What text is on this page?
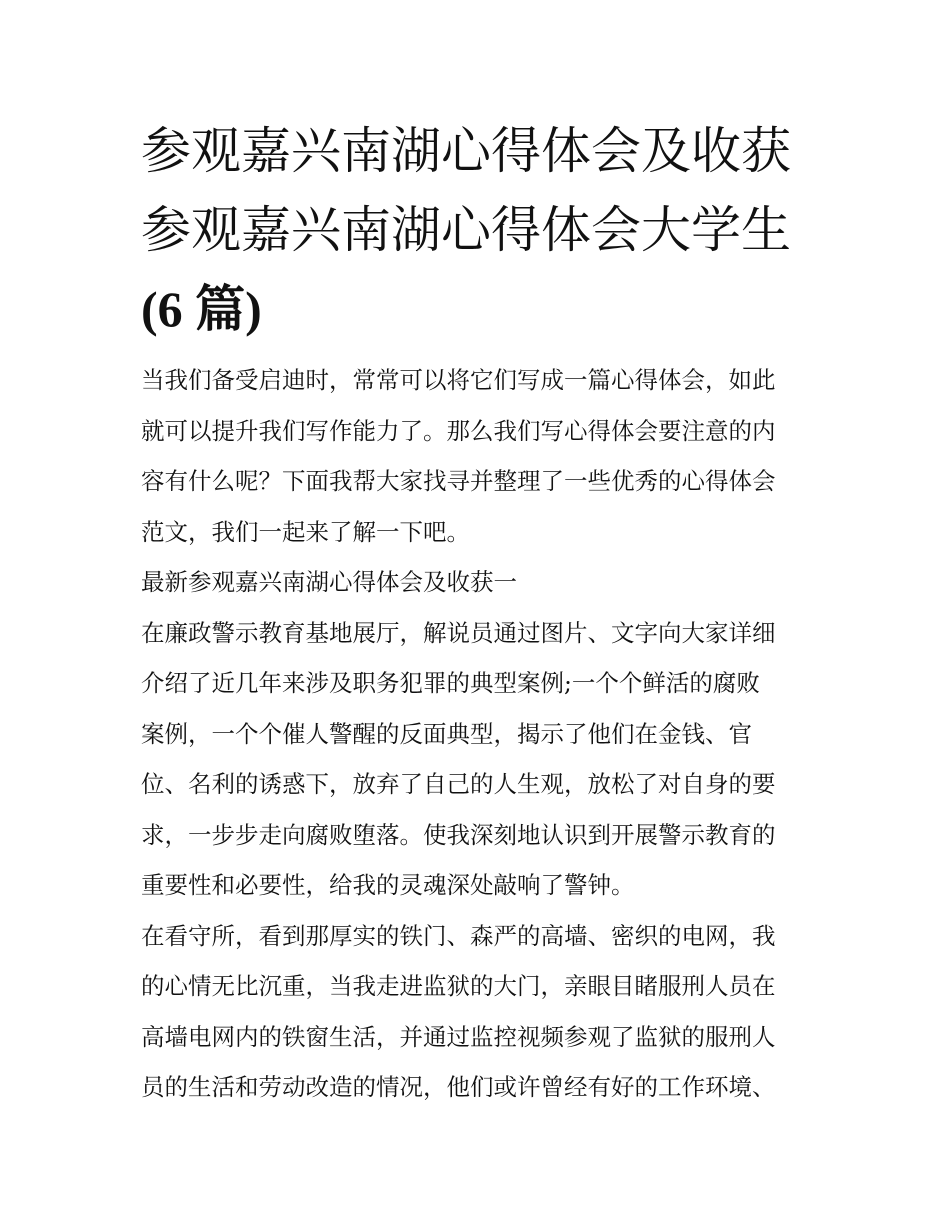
参观嘉兴南湖心得体会及收获
参观嘉兴南湖心得体会大学生
(6 篇)
当我们备受启迪时，常常可以将它们写成一篇心得体会，如此
就可以提升我们写作能力了。那么我们写心得体会要注意的内
容有什么呢？下面我帮大家找寻并整理了一些优秀的心得体会
范文，我们一起来了解一下吧。
最新参观嘉兴南湖心得体会及收获一
在廉政警示教育基地展厅，解说员通过图片、文字向大家详细
介绍了近几年来涉及职务犯罪的典型案例;一个个鲜活的腐败
案例，一个个催人警醒的反面典型，揭示了他们在金钱、官
位、名利的诱惑下，放弃了自己的人生观，放松了对自身的要
求，一步步走向腐败堕落。使我深刻地认识到开展警示教育的
重要性和必要性，给我的灵魂深处敲响了警钟。
在看守所，看到那厚实的铁门、森严的高墙、密织的电网，我
的心情无比沉重，当我走进监狱的大门，亲眼目睹服刑人员在
高墙电网内的铁窗生活，并通过监控视频参观了监狱的服刑人
员的生活和劳动改造的情况，他们或许曾经有好的工作环境、
